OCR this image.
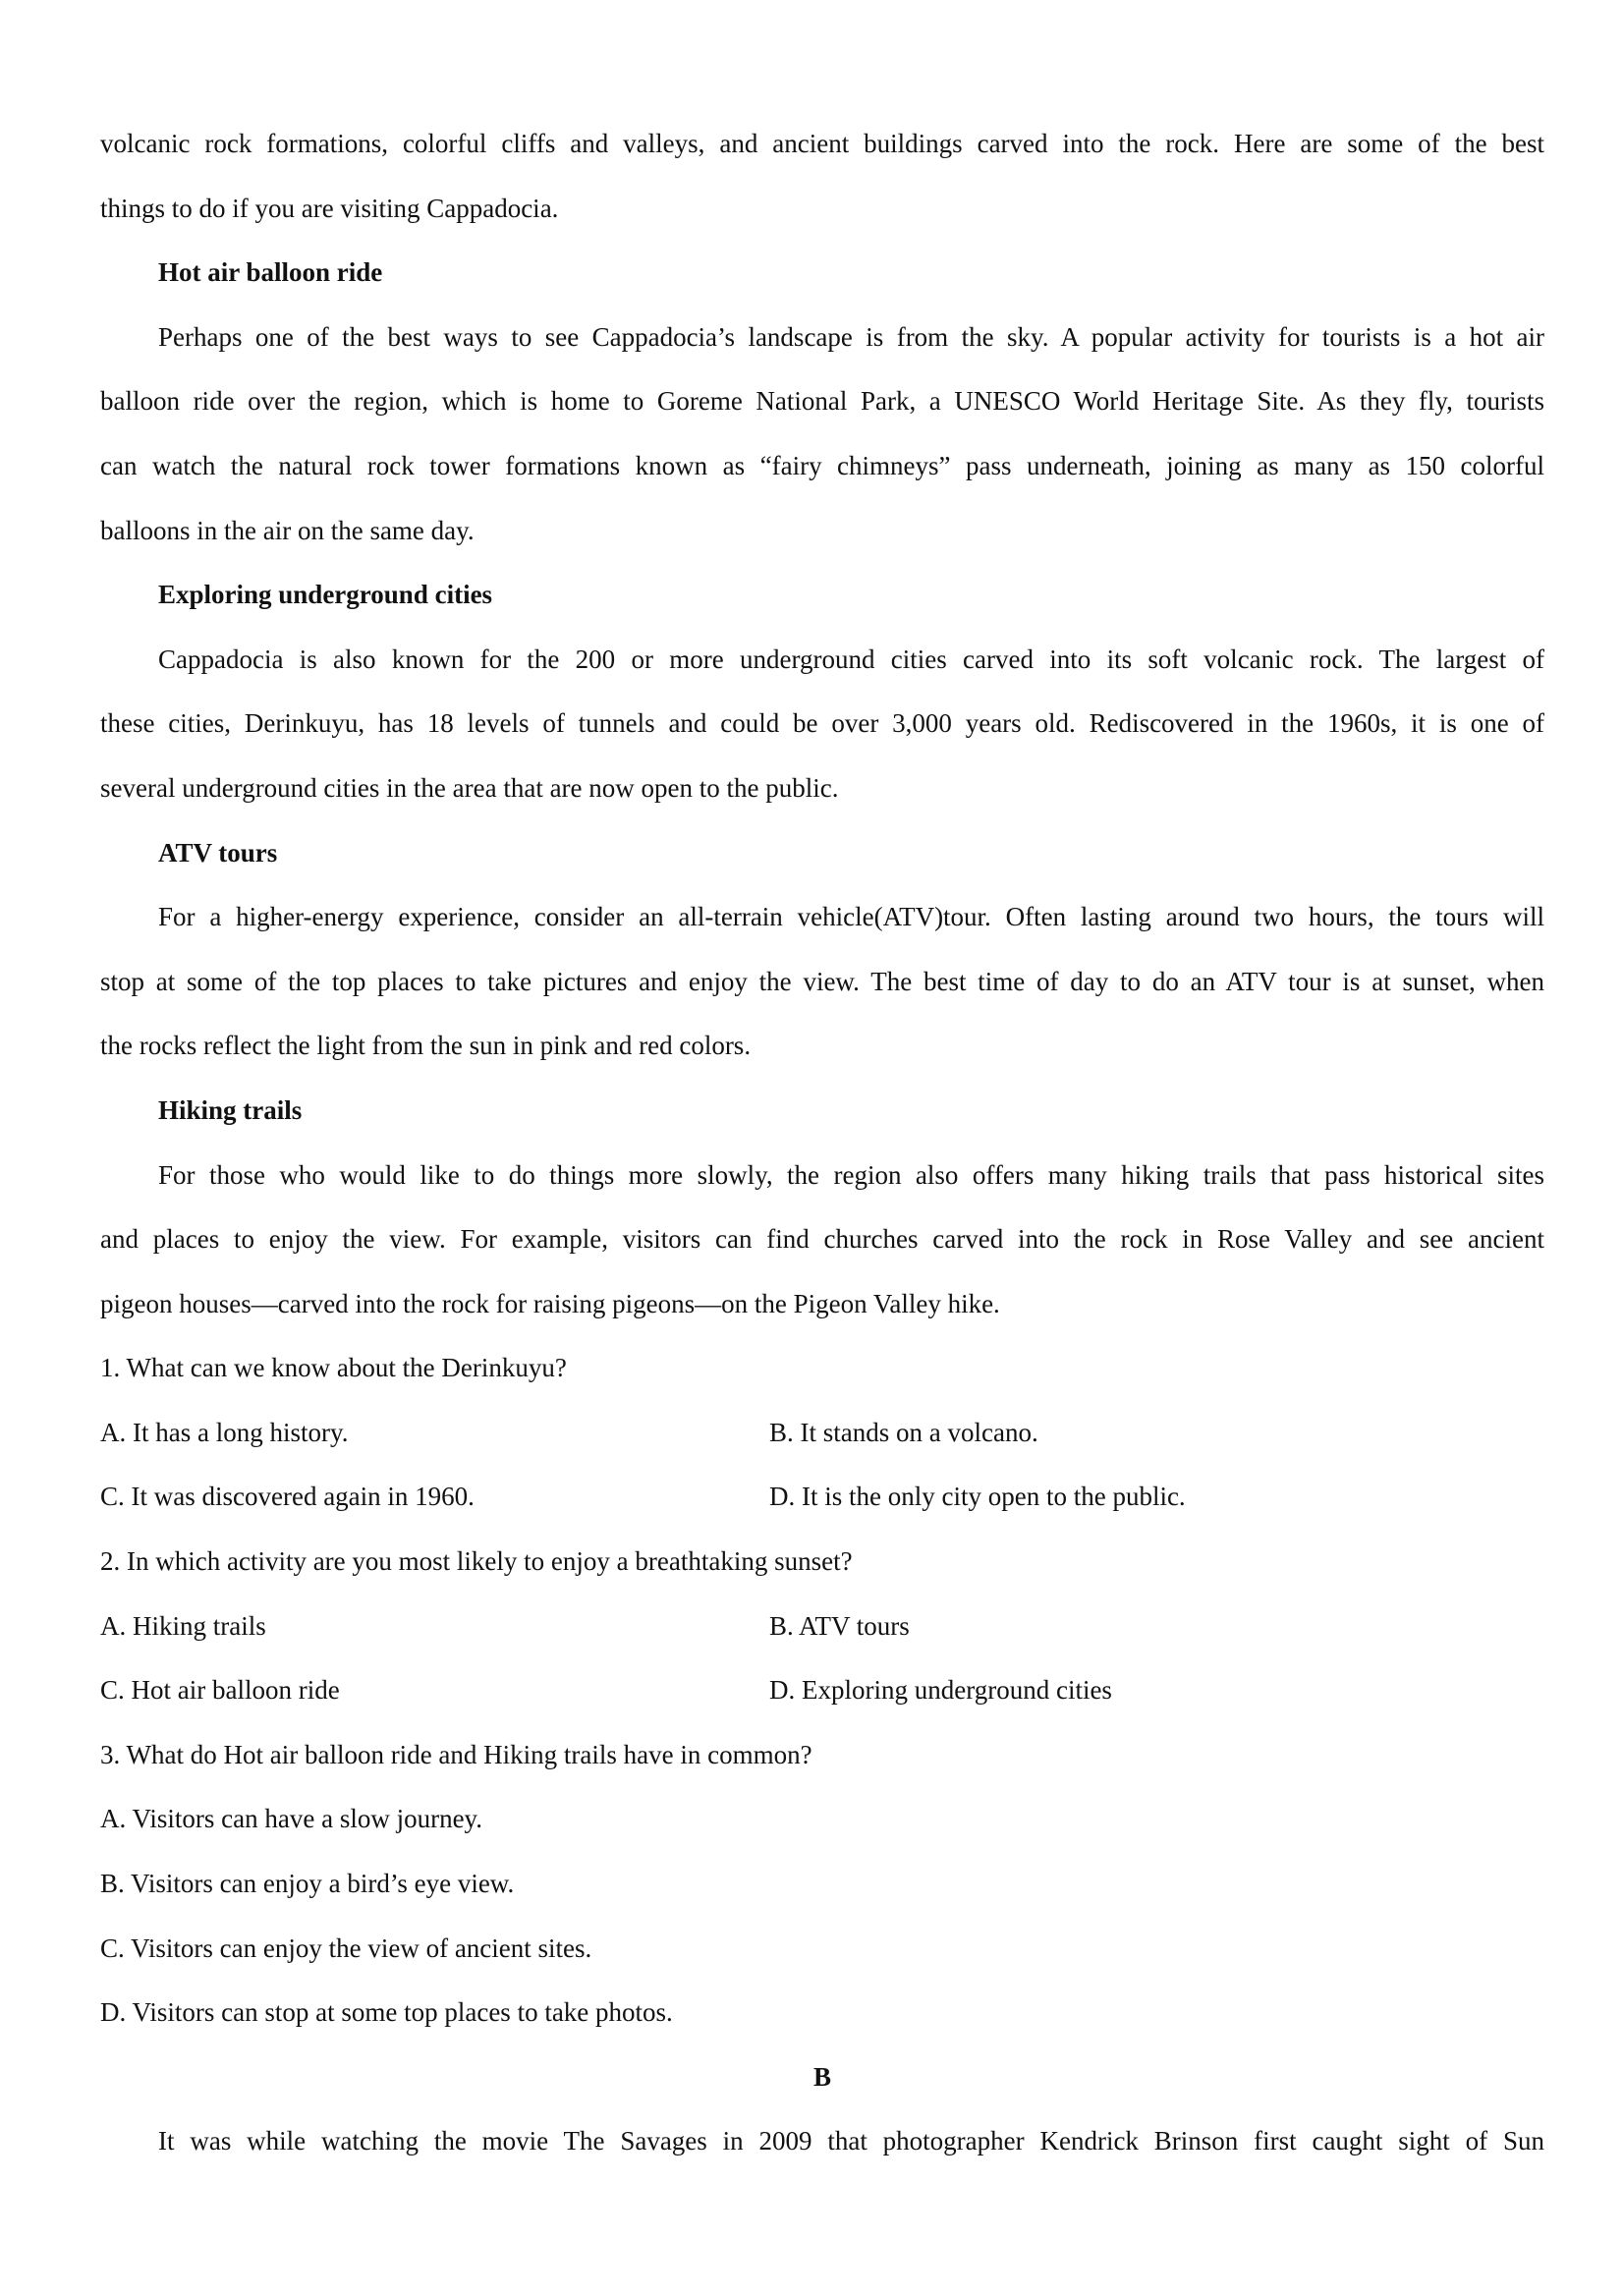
volcanic rock formations, colorful cliffs and valleys, and ancient buildings carved into the rock. Here are some of the best

things to do if you are visiting Cappadocia.

Hot air balloon ride

Perhaps one of the best ways to see Cappadocia’s landscape is from the sky. A popular activity for tourists is a hot air

balloon ride over the region, which is home to Goreme National Park, a UNESCO World Heritage Site. As they fly, tourists

can watch the natural rock tower formations known as “fairy chimneys” pass underneath, joining as many as 150 colorful

balloons in the air on the same day.

Exploring underground cities

Cappadocia is also known for the 200 or more underground cities carved into its soft volcanic rock. The largest of

these cities, Derinkuyu, has 18 levels of tunnels and could be over 3,000 years old. Rediscovered in the 1960s, it is one of

several underground cities in the area that are now open to the public.

ATV tours

For a higher-energy experience, consider an all-terrain vehicle(ATV)tour. Often lasting around two hours, the tours will

stop at some of the top places to take pictures and enjoy the view. The best time of day to do an ATV tour is at sunset, when

the rocks reflect the light from the sun in pink and red colors.

Hiking trails

For those who would like to do things more slowly, the region also offers many hiking trails that pass historical sites

and places to enjoy the view. For example, visitors can find churches carved into the rock in Rose Valley and see ancient

pigeon houses—carved into the rock for raising pigeons—on the Pigeon Valley hike.

1. What can we know about the Derinkuyu?

A. It has a long history.	B. It stands on a volcano.
C. It was discovered again in 1960.	D. It is the only city open to the public.

2. In which activity are you most likely to enjoy a breathtaking sunset?

A. Hiking trails	B. ATV tours
C. Hot air balloon ride	D. Exploring underground cities

3. What do Hot air balloon ride and Hiking trails have in common?

A. Visitors can have a slow journey.

B. Visitors can enjoy a bird’s eye view.

C. Visitors can enjoy the view of ancient sites.

D. Visitors can stop at some top places to take photos.

B

It was while watching the movie The Savages in 2009 that photographer Kendrick Brinson first caught sight of Sun
